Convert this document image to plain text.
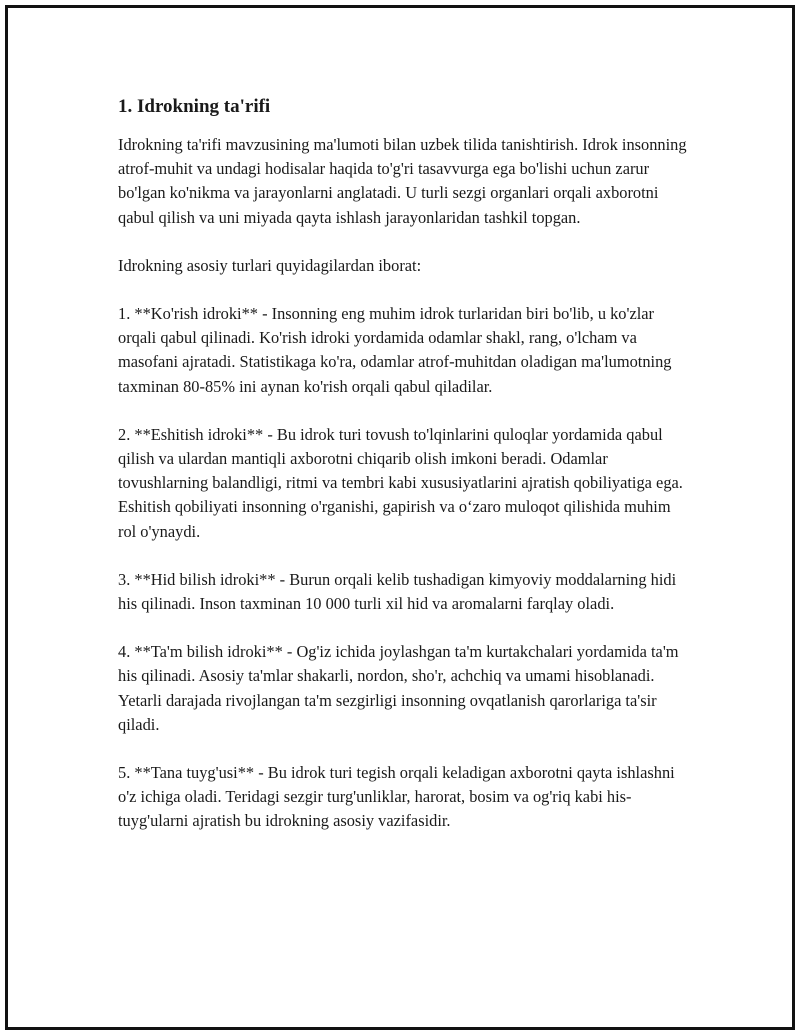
1. Idrokning ta'rifi

Idrokning ta'rifi mavzusining ma'lumoti bilan uzbek tilida tanishtirish. Idrok insonning atrof-muhit va undagi hodisalar haqida to'g'ri tasavvurga ega bo'lishi uchun zarur bo'lgan ko'nikma va jarayonlarni anglatadi. U turli sezgi organlari orqali axborotni qabul qilish va uni miyada qayta ishlash jarayonlaridan tashkil topgan.

Idrokning asosiy turlari quyidagilardan iborat:

1. **Ko'rish idroki** - Insonning eng muhim idrok turlaridan biri bo'lib, u ko'zlar orqali qabul qilinadi. Ko'rish idroki yordamida odamlar shakl, rang, o'lcham va masofani ajratadi. Statistikaga ko'ra, odamlar atrof-muhitdan oladigan ma'lumotning taxminan 80-85% ini aynan ko'rish orqali qabul qiladilar.

2. **Eshitish idroki** - Bu idrok turi tovush to'lqinlarini quloqlar yordamida qabul qilish va ulardan mantiqli axborotni chiqarib olish imkoni beradi. Odamlar tovushlarning balandligi, ritmi va tembri kabi xususiyatlarini ajratish qobiliyatiga ega. Eshitish qobiliyati insonning o'rganishi, gapirish va o‘zaro muloqot qilishida muhim rol o'ynaydi.

3. **Hid bilish idroki** - Burun orqali kelib tushadigan kimyoviy moddalarning hidi his qilinadi. Inson taxminan 10 000 turli xil hid va aromalarni farqlay oladi.

4. **Ta'm bilish idroki** - Og'iz ichida joylashgan ta'm kurtakchalari yordamida ta'm his qilinadi. Asosiy ta'mlar shakarli, nordon, sho'r, achchiq va umami hisoblanadi. Yetarli darajada rivojlangan ta'm sezgirligi insonning ovqatlanish qarorlariga ta'sir qiladi.

5. **Tana tuyg'usi** - Bu idrok turi tegish orqali keladigan axborotni qayta ishlashni o'z ichiga oladi. Teridagi sezgir turg'unliklar, harorat, bosim va og'riq kabi his-tuyg'ularni ajratish bu idrokning asosiy vazifasidir.
